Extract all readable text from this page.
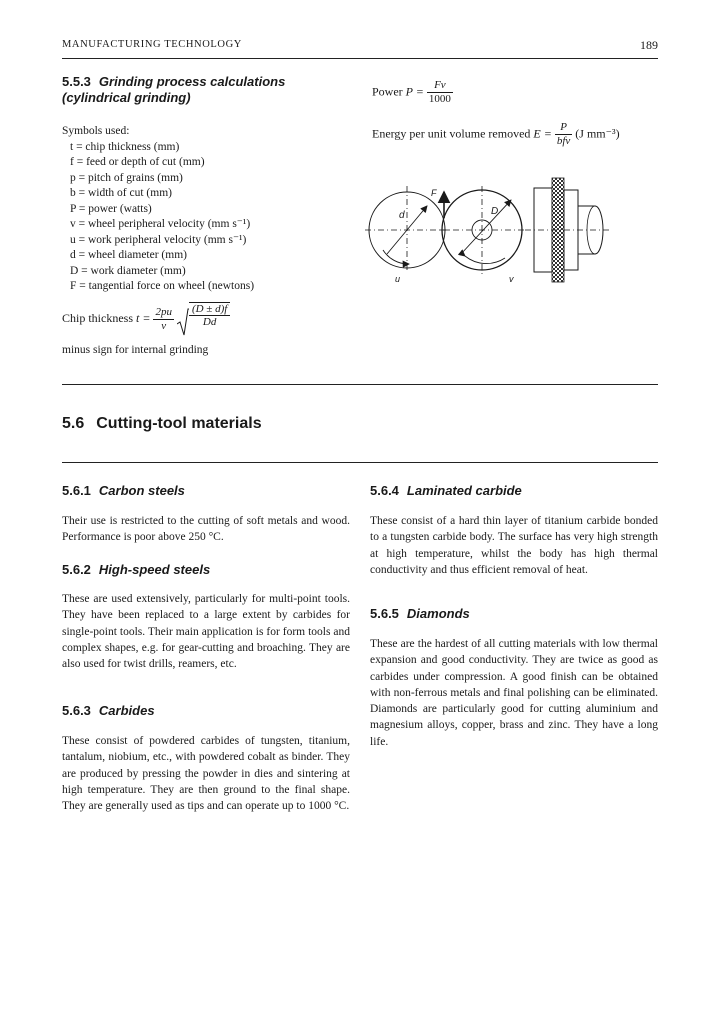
MANUFACTURING TECHNOLOGY	189
5.5.3 Grinding process calculations
(cylindrical grinding)
Symbols used:
t = chip thickness (mm)
f = feed or depth of cut (mm)
p = pitch of grains (mm)
b = width of cut (mm)
P = power (watts)
v = wheel peripheral velocity (mm s⁻¹)
u = work peripheral velocity (mm s⁻¹)
d = wheel diameter (mm)
D = work diameter (mm)
F = tangential force on wheel (newtons)
Chip thickness $t = \frac{2pu}{v}$
$\frac{(D \pm d)f}{Dd}$
minus sign for internal grinding
Power $P = \frac{Fv}{1000}$
Energy per unit volume removed $E = \frac{P}{\text{bfv}} (J$ mm⁻³)
F
d	D
u	v
5.6 Cutting-tool materials
5.6.1 Carbon steels
Their use is restricted to the cutting of soft metals and wood. Performance is poor above 250 °C.
5.6.2 High-speed steels
These are used extensively, particularly for multi-point tools. They have been replaced to a large extent by carbides for single-point tools. Their main application is for form tools and complex shapes, e.g. for gear-cutting and broaching. They are also used for twist drills, reamers, etc.
5.6.3 Carbides
These consist of powdered carbides of tungsten, titanium, tantalum, niobium, etc., with powdered cobalt as binder. They are produced by pressing the powder in dies and sintering at high temperature. They are then ground to the final shape. They are generally used as tips and can operate up to 1000 °C.
5.6.4 Laminated carbide
These consist of a hard thin layer of titanium carbide bonded to a tungsten carbide body. The surface has very high strength at high temperature, whilst the body has high thermal conductivity and thus efficient removal of heat.
5.6.5 Diamonds
These are the hardest of all cutting materials with low thermal expansion and good conductivity. They are twice as good as carbides under compression. A good finish can be obtained with non-ferrous metals and final polishing can be eliminated. Diamonds are particularly good for cutting aluminium and magnesium alloys, copper, brass and zinc. They have a long life.
